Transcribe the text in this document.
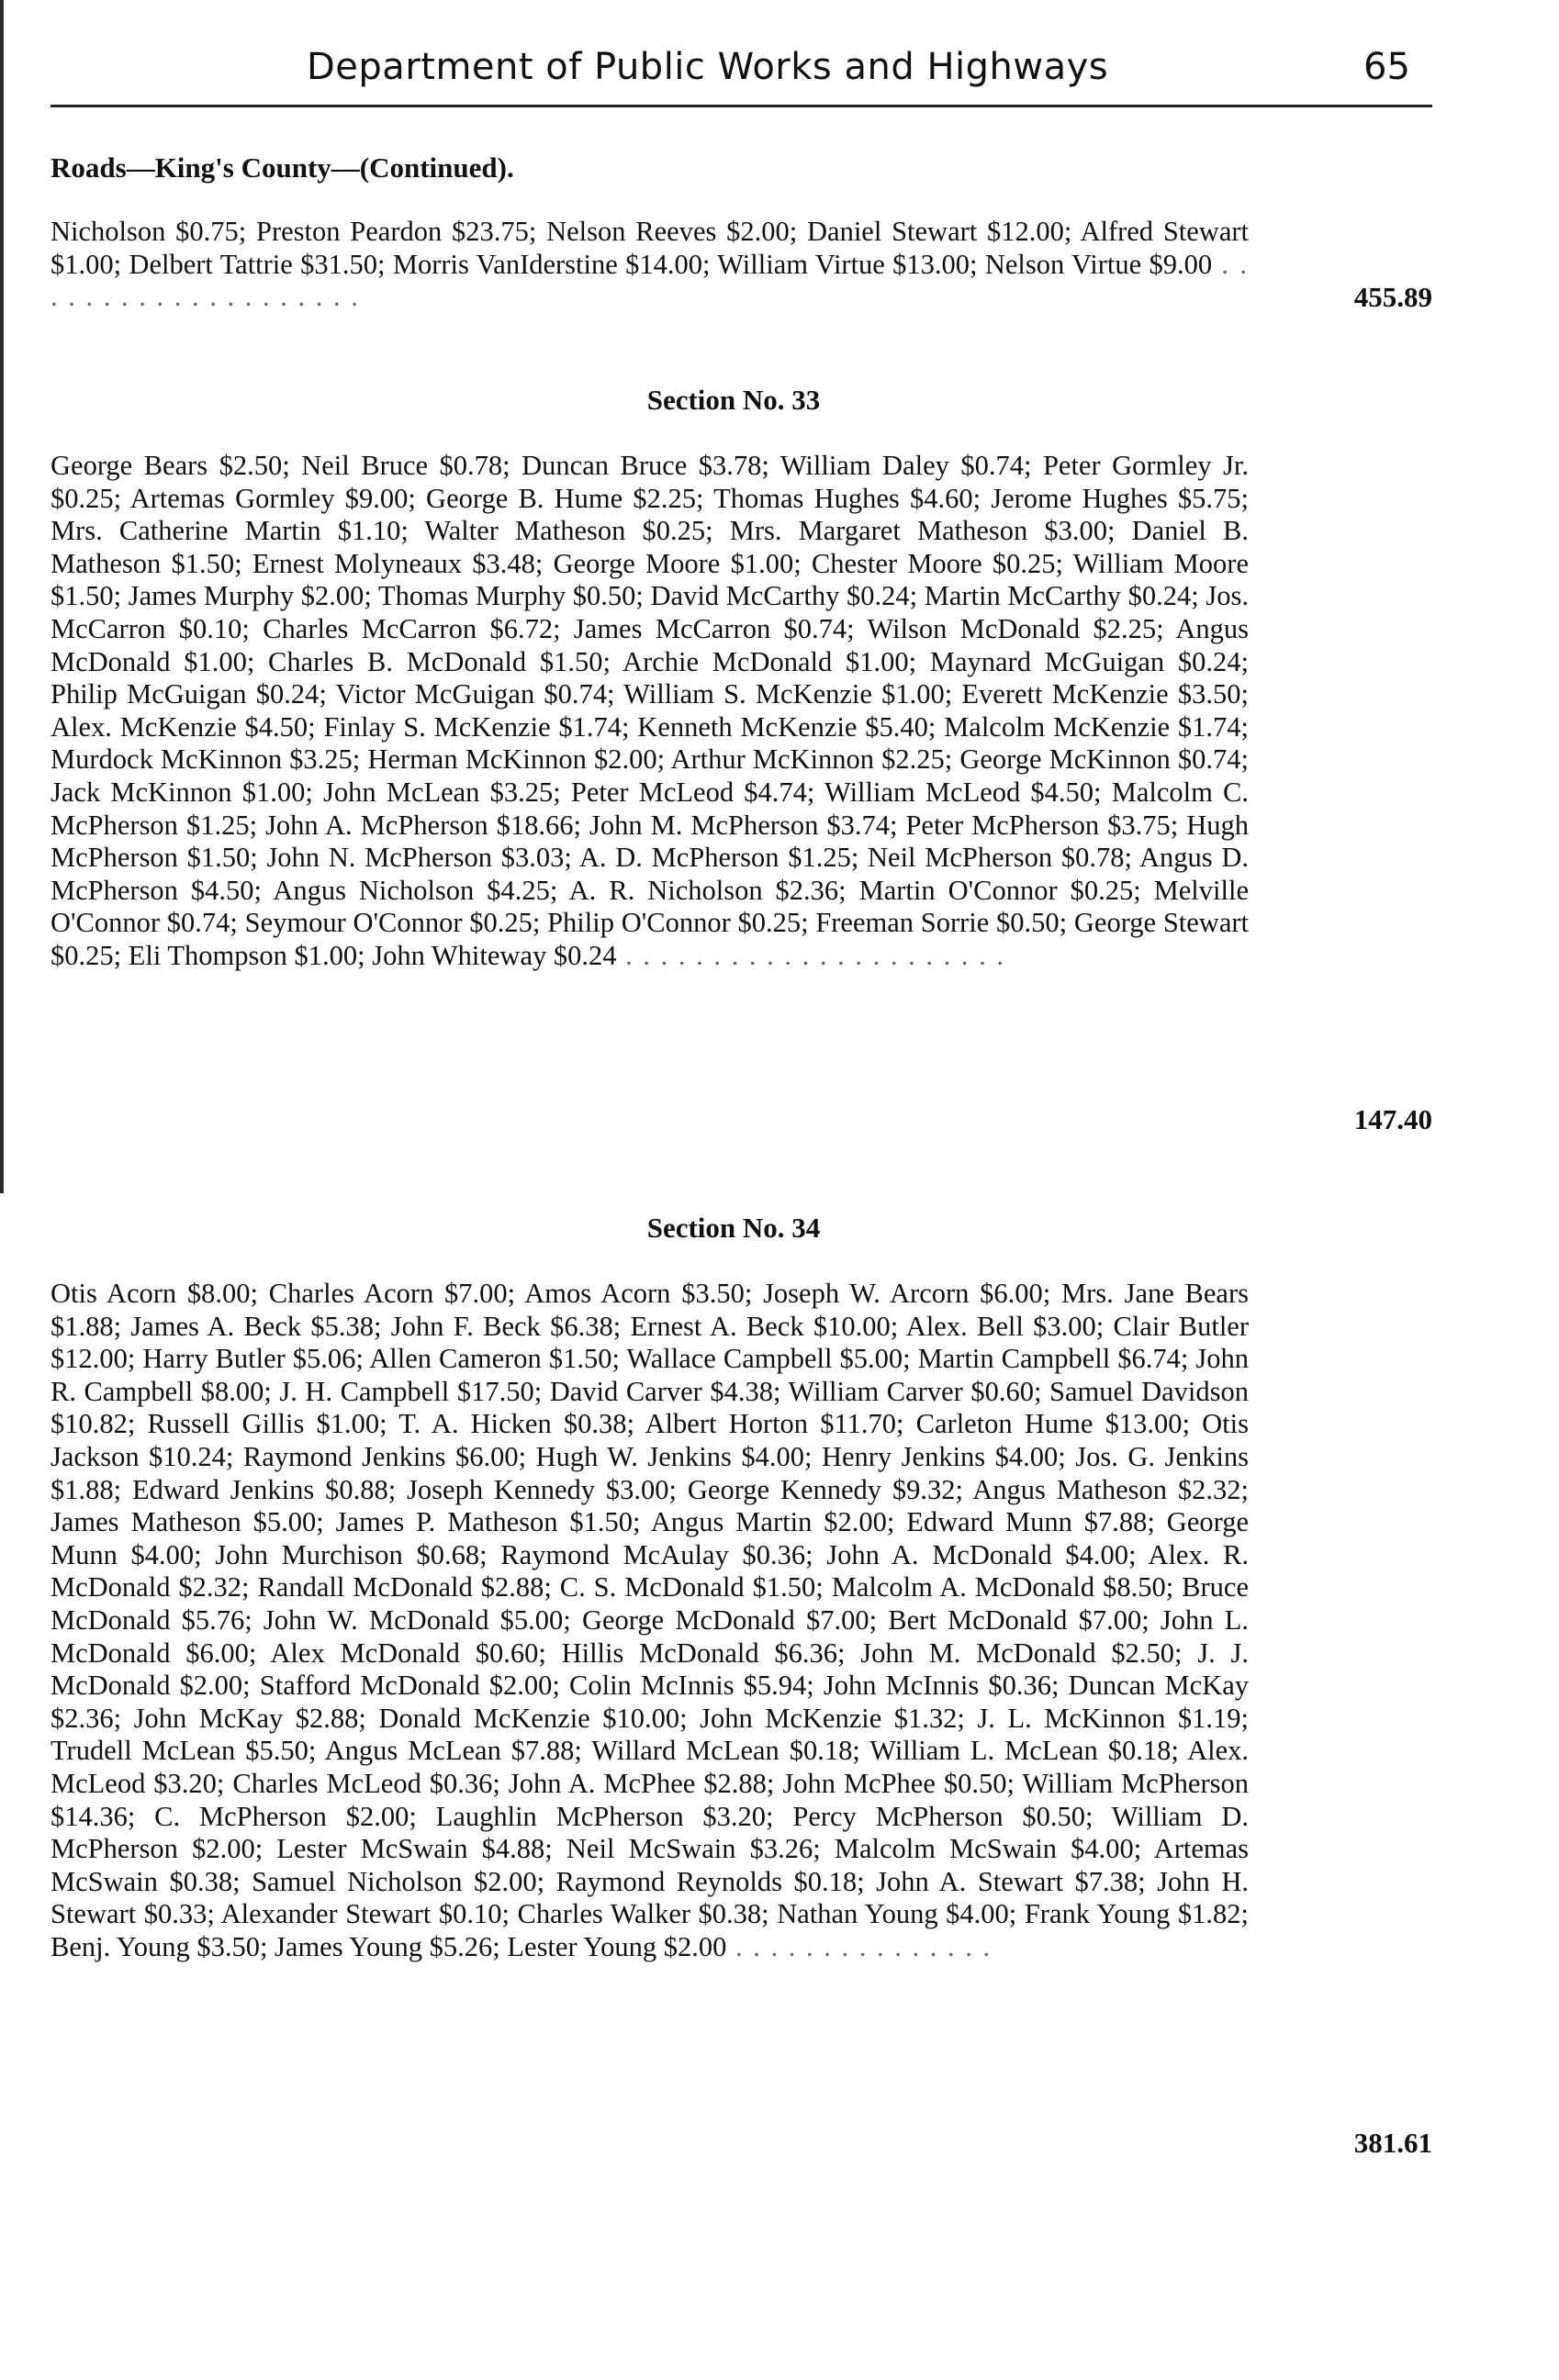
Department of Public Works and Highways	65
Roads—King's County—(Continued).

Nicholson $0.75; Preston Peardon $23.75; Nelson Reeves $2.00; Daniel Stewart $12.00; Alfred Stewart $1.00; Delbert Tattrie $31.50; Morris VanIderstine $14.00; William Virtue $13.00; Nelson Virtue $9.00 . . . . . . . . . . . . . . . . . . . .	455.89
Section No. 33

George Bears $2.50; Neil Bruce $0.78; Duncan Bruce $3.78; William Daley $0.74; Peter Gormley Jr. $0.25; Artemas Gormley $9.00; George B. Hume $2.25; Thomas Hughes $4.60; Jerome Hughes $5.75; Mrs. Catherine Martin $1.10; Walter Matheson $0.25; Mrs. Margaret Matheson $3.00; Daniel B. Matheson $1.50; Ernest Molyneaux $3.48; George Moore $1.00; Chester Moore $0.25; William Moore $1.50; James Murphy $2.00; Thomas Murphy $0.50; David McCarthy $0.24; Martin McCarthy $0.24; Jos. McCarron $0.10; Charles McCarron $6.72; James McCarron $0.74; Wilson McDonald $2.25; Angus McDonald $1.00; Charles B. McDonald $1.50; Archie McDonald $1.00; Maynard McGuigan $0.24; Philip McGuigan $0.24; Victor McGuigan $0.74; William S. McKenzie $1.00; Everett McKenzie $3.50; Alex. McKenzie $4.50; Finlay S. McKenzie $1.74; Kenneth McKenzie $5.40; Malcolm McKenzie $1.74; Murdock McKinnon $3.25; Herman McKinnon $2.00; Arthur McKinnon $2.25; George McKinnon $0.74; Jack McKinnon $1.00; John McLean $3.25; Peter McLeod $4.74; William McLeod $4.50; Malcolm C. McPherson $1.25; John A. McPherson $18.66; John M. McPherson $3.74; Peter McPherson $3.75; Hugh McPherson $1.50; John N. McPherson $3.03; A. D. McPherson $1.25; Neil McPherson $0.78; Angus D. McPherson $4.50; Angus Nicholson $4.25; A. R. Nicholson $2.36; Martin O'Connor $0.25; Melville O'Connor $0.74; Seymour O'Connor $0.25; Philip O'Connor $0.25; Freeman Sorrie $0.50; George Stewart $0.25; Eli Thompson $1.00; John Whiteway $0.24 . . . . . . . . . . . . . . . . . . . . . .

147.40
Section No. 34

Otis Acorn $8.00; Charles Acorn $7.00; Amos Acorn $3.50; Joseph W. Arcorn $6.00; Mrs. Jane Bears $1.88; James A. Beck $5.38; John F. Beck $6.38; Ernest A. Beck $10.00; Alex. Bell $3.00; Clair Butler $12.00; Harry Butler $5.06; Allen Cameron $1.50; Wallace Campbell $5.00; Martin Campbell $6.74; John R. Campbell $8.00; J. H. Campbell $17.50; David Carver $4.38; William Carver $0.60; Samuel Davidson $10.82; Russell Gillis $1.00; T. A. Hicken $0.38; Albert Horton $11.70; Carleton Hume $13.00; Otis Jackson $10.24; Raymond Jenkins $6.00; Hugh W. Jenkins $4.00; Henry Jenkins $4.00; Jos. G. Jenkins $1.88; Edward Jenkins $0.88; Joseph Kennedy $3.00; George Kennedy $9.32; Angus Matheson $2.32; James Matheson $5.00; James P. Matheson $1.50; Angus Martin $2.00; Edward Munn $7.88; George Munn $4.00; John Murchison $0.68; Raymond McAulay $0.36; John A. McDonald $4.00; Alex. R. McDonald $2.32; Randall McDonald $2.88; C. S. McDonald $1.50; Malcolm A. McDonald $8.50; Bruce McDonald $5.76; John W. McDonald $5.00; George McDonald $7.00; Bert McDonald $7.00; John L. McDonald $6.00; Alex McDonald $0.60; Hillis McDonald $6.36; John M. McDonald $2.50; J. J. McDonald $2.00; Stafford McDonald $2.00; Colin McInnis $5.94; John McInnis $0.36; Duncan McKay $2.36; John McKay $2.88; Donald McKenzie $10.00; John McKenzie $1.32; J. L. McKinnon $1.19; Trudell McLean $5.50; Angus McLean $7.88; Willard McLean $0.18; William L. McLean $0.18; Alex. McLeod $3.20; Charles McLeod $0.36; John A. McPhee $2.88; John McPhee $0.50; William McPherson $14.36; C. McPherson $2.00; Laughlin McPherson $3.20; Percy McPherson $0.50; William D. McPherson $2.00; Lester McSwain $4.88; Neil McSwain $3.26; Malcolm McSwain $4.00; Artemas McSwain $0.38; Samuel Nicholson $2.00; Raymond Reynolds $0.18; John A. Stewart $7.38; John H. Stewart $0.33; Alexander Stewart $0.10; Charles Walker $0.38; Nathan Young $4.00; Frank Young $1.82; Benj. Young $3.50; James Young $5.26; Lester Young $2.00 . . . . . . . . . . . . . . .

381.61
